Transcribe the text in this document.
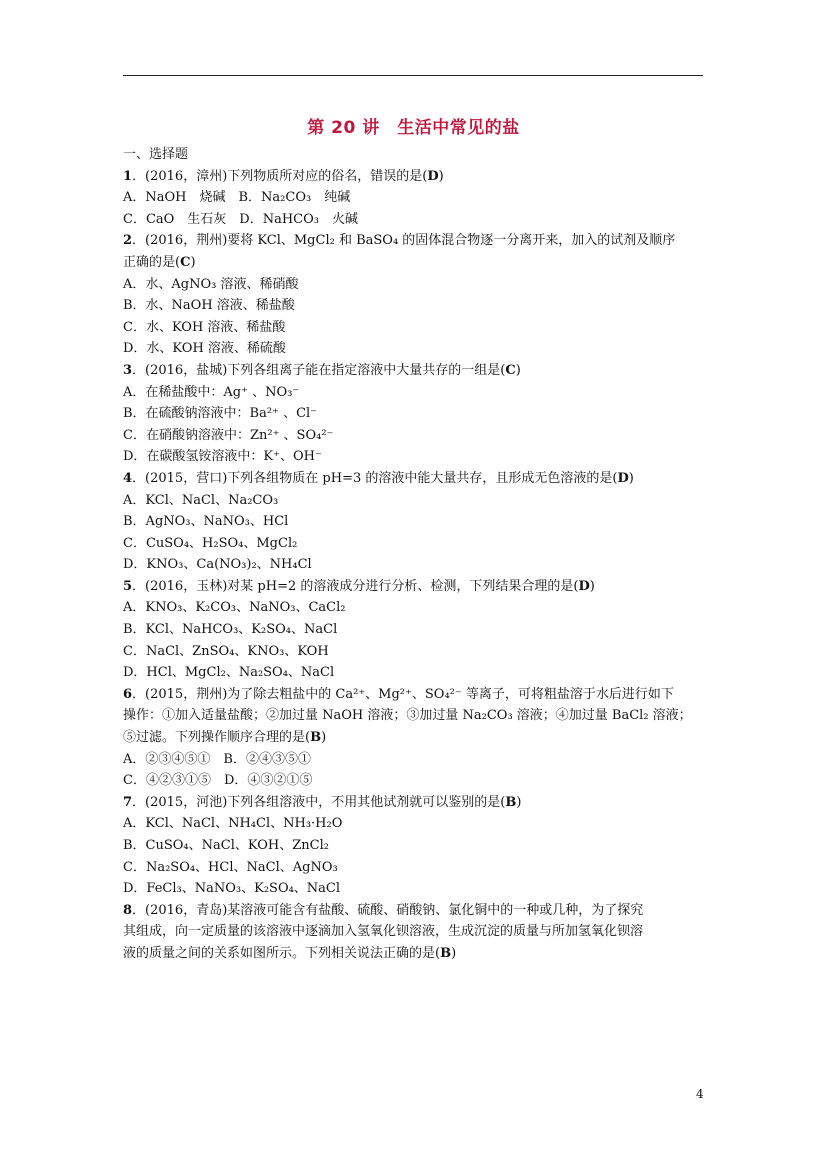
第 20 讲　生活中常见的盐
一、选择题
1．(2016，漳州)下列物质所对应的俗名，错误的是(D)
A．NaOH　烧碱　B．Na₂CO₃　纯碱
C．CaO　生石灰　D．NaHCO₃　火碱
2．(2016，荆州)要将 KCl、MgCl₂ 和 BaSO₄ 的固体混合物逐一分离开来，加入的试剂及顺序
正确的是(C)
A．水、AgNO₃ 溶液、稀硝酸
B．水、NaOH 溶液、稀盐酸
C．水、KOH 溶液、稀盐酸
D．水、KOH 溶液、稀硫酸
3．(2016，盐城)下列各组离子能在指定溶液中大量共存的一组是(C)
A．在稀盐酸中：Ag⁺ 、NO₃⁻
B．在硫酸钠溶液中：Ba²⁺ 、Cl⁻
C．在硝酸钠溶液中：Zn²⁺ 、SO₄²⁻
D．在碳酸氢铵溶液中：K⁺、OH⁻
4．(2015，营口)下列各组物质在 pH=3 的溶液中能大量共存，且形成无色溶液的是(D)
A．KCl、NaCl、Na₂CO₃
B．AgNO₃、NaNO₃、HCl
C．CuSO₄、H₂SO₄、MgCl₂
D．KNO₃、Ca(NO₃)₂、NH₄Cl
5．(2016，玉林)对某 pH=2 的溶液成分进行分析、检测，下列结果合理的是(D)
A．KNO₃、K₂CO₃、NaNO₃、CaCl₂
B．KCl、NaHCO₃、K₂SO₄、NaCl
C．NaCl、ZnSO₄、KNO₃、KOH
D．HCl、MgCl₂、Na₂SO₄、NaCl
6．(2015，荆州)为了除去粗盐中的 Ca²⁺、Mg²⁺、SO₄²⁻ 等离子，可将粗盐溶于水后进行如下
操作：①加入适量盐酸；②加过量 NaOH 溶液；③加过量 Na₂CO₃ 溶液；④加过量 BaCl₂ 溶液；
⑤过滤。下列操作顺序合理的是(B)
A．②③④⑤①　B．②④③⑤①
C．④②③①⑤　D．④③②①⑤
7．(2015，河池)下列各组溶液中，不用其他试剂就可以鉴别的是(B)
A．KCl、NaCl、NH₄Cl、NH₃·H₂O
B．CuSO₄、NaCl、KOH、ZnCl₂
C．Na₂SO₄、HCl、NaCl、AgNO₃
D．FeCl₃、NaNO₃、K₂SO₄、NaCl
8．(2016，青岛)某溶液可能含有盐酸、硫酸、硝酸钠、氯化铜中的一种或几种，为了探究
其组成，向一定质量的该溶液中逐滴加入氢氧化钡溶液，生成沉淀的质量与所加氢氧化钡溶
液的质量之间的关系如图所示。下列相关说法正确的是(B)
4
